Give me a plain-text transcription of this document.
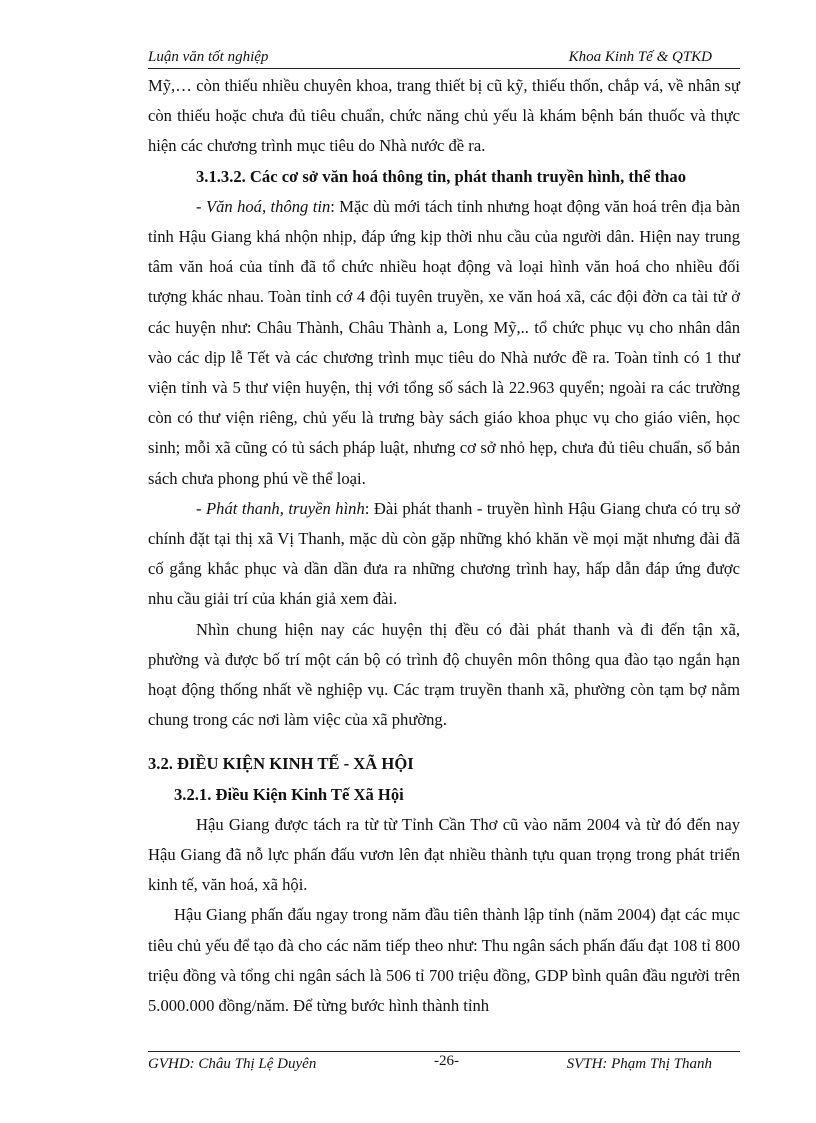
Luận văn tốt nghiệp	Khoa Kinh Tế & QTKD

Mỹ,… còn thiếu nhiều chuyên khoa, trang thiết bị cũ kỹ, thiếu thốn, chắp vá, về nhân sự còn thiếu hoặc chưa đủ tiêu chuẩn, chức năng chủ yếu là khám bệnh bán thuốc và thực hiện các chương trình mục tiêu do Nhà nước đề ra.

3.1.3.2. Các cơ sở văn hoá thông tin, phát thanh truyền hình, thể thao

- Văn hoá, thông tin: Mặc dù mới tách tỉnh nhưng hoạt động văn hoá trên địa bàn tỉnh Hậu Giang khá nhộn nhịp, đáp ứng kịp thời nhu cầu của người dân. Hiện nay trung tâm văn hoá của tỉnh đã tổ chức nhiều hoạt động và loại hình văn hoá cho nhiều đối tượng khác nhau. Toàn tỉnh cớ 4 đội tuyên truyền, xe văn hoá xã, các đội đờn ca tài tử ở các huyện như: Châu Thành, Châu Thành a, Long Mỹ,.. tổ chức phục vụ cho nhân dân vào các dịp lễ Tết và các chương trình mục tiêu do Nhà nước đề ra. Toàn tỉnh có 1 thư viện tỉnh và 5 thư viện huyện, thị với tổng số sách là 22.963 quyển; ngoài ra các trường còn có thư viện riêng, chủ yếu là trưng bày sách giáo khoa phục vụ cho giáo viên, học sinh; mỗi xã cũng có tủ sách pháp luật, nhưng cơ sở nhỏ hẹp, chưa đủ tiêu chuẩn, số bản sách chưa phong phú về thể loại.

- Phát thanh, truyền hình: Đài phát thanh - truyền hình Hậu Giang chưa có trụ sở chính đặt tại thị xã Vị Thanh, mặc dù còn gặp những khó khăn về mọi mặt nhưng đài đã cố gắng khắc phục và dần dần đưa ra những chương trình hay, hấp dẫn đáp ứng được nhu cầu giải trí của khán giả xem đài.

Nhìn chung hiện nay các huyện thị đều có đài phát thanh và đi đến tận xã, phường và được bố trí một cán bộ có trình độ chuyên môn thông qua đào tạo ngắn hạn hoạt động thống nhất về nghiệp vụ. Các trạm truyền thanh xã, phường còn tạm bợ nằm chung trong các nơi làm việc của xã phường.

3.2. ĐIỀU KIỆN KINH TẾ - XÃ HỘI

3.2.1. Điều Kiện Kinh Tế Xã Hội

Hậu Giang được tách ra từ từ Tỉnh Cần Thơ cũ vào năm 2004 và từ đó đến nay Hậu Giang đã nỗ lực phấn đấu vươn lên đạt nhiều thành tựu quan trọng trong phát triển kinh tế, văn hoá, xã hội.

Hậu Giang phấn đấu ngay trong năm đầu tiên thành lập tỉnh (năm 2004) đạt các mục tiêu chủ yếu để tạo đà cho các năm tiếp theo như: Thu ngân sách phấn đấu đạt 108 tỉ 800 triệu đồng và tổng chi ngân sách là 506 tỉ 700 triệu đồng, GDP bình quân đầu người trên 5.000.000 đồng/năm. Để từng bước hình thành tỉnh

GVHD: Châu Thị Lệ Duyên	-26-	SVTH: Phạm Thị Thanh
